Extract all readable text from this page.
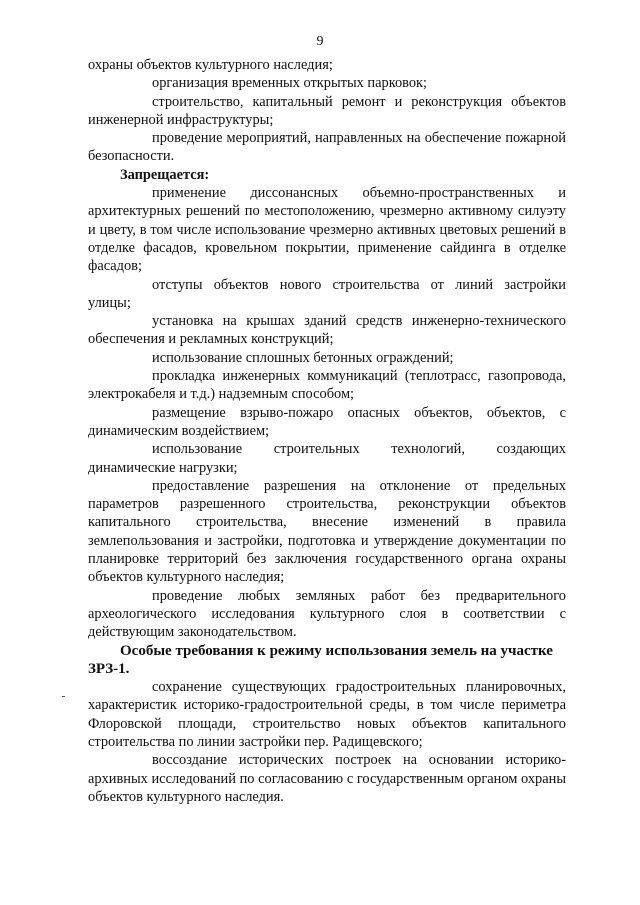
9

охраны объектов культурного наследия;

организация временных открытых парковок;

строительство, капитальный ремонт и реконструкция объектов инженерной инфраструктуры;

проведение мероприятий, направленных на обеспечение пожарной безопасности.

Запрещается:

применение диссонансных объемно-пространственных и архитектурных решений по местоположению, чрезмерно активному силуэту и цвету, в том числе использование чрезмерно активных цветовых решений в отделке фасадов, кровельном покрытии, применение сайдинга в отделке фасадов;

отступы объектов нового строительства от линий застройки улицы;

установка на крышах зданий средств инженерно-технического обеспечения и рекламных конструкций;

использование сплошных бетонных ограждений;

прокладка инженерных коммуникаций (теплотрасс, газопровода, электрокабеля и т.д.) надземным способом;

размещение взрыво-пожаро опасных объектов, объектов, с динамическим воздействием;

использование строительных технологий, создающих динамические нагрузки;

предоставление разрешения на отклонение от предельных параметров разрешенного строительства, реконструкции объектов капитального строительства, внесение изменений в правила землепользования и застройки, подготовка и утверждение документации по планировке территорий без заключения государственного органа охраны объектов культурного наследия;

проведение любых земляных работ без предварительного археологического исследования культурного слоя в соответствии с действующим законодательством.

Особые требования к режиму использования земель на участке ЗРЗ-1.

сохранение существующих градостроительных планировочных, характеристик историко-градостроительной среды, в том числе периметра Флоровской площади, строительство новых объектов капитального строительства по линии застройки пер. Радищевского;

воссоздание исторических построек на основании историко-архивных исследований по согласованию с государственным органом охраны объектов культурного наследия.
